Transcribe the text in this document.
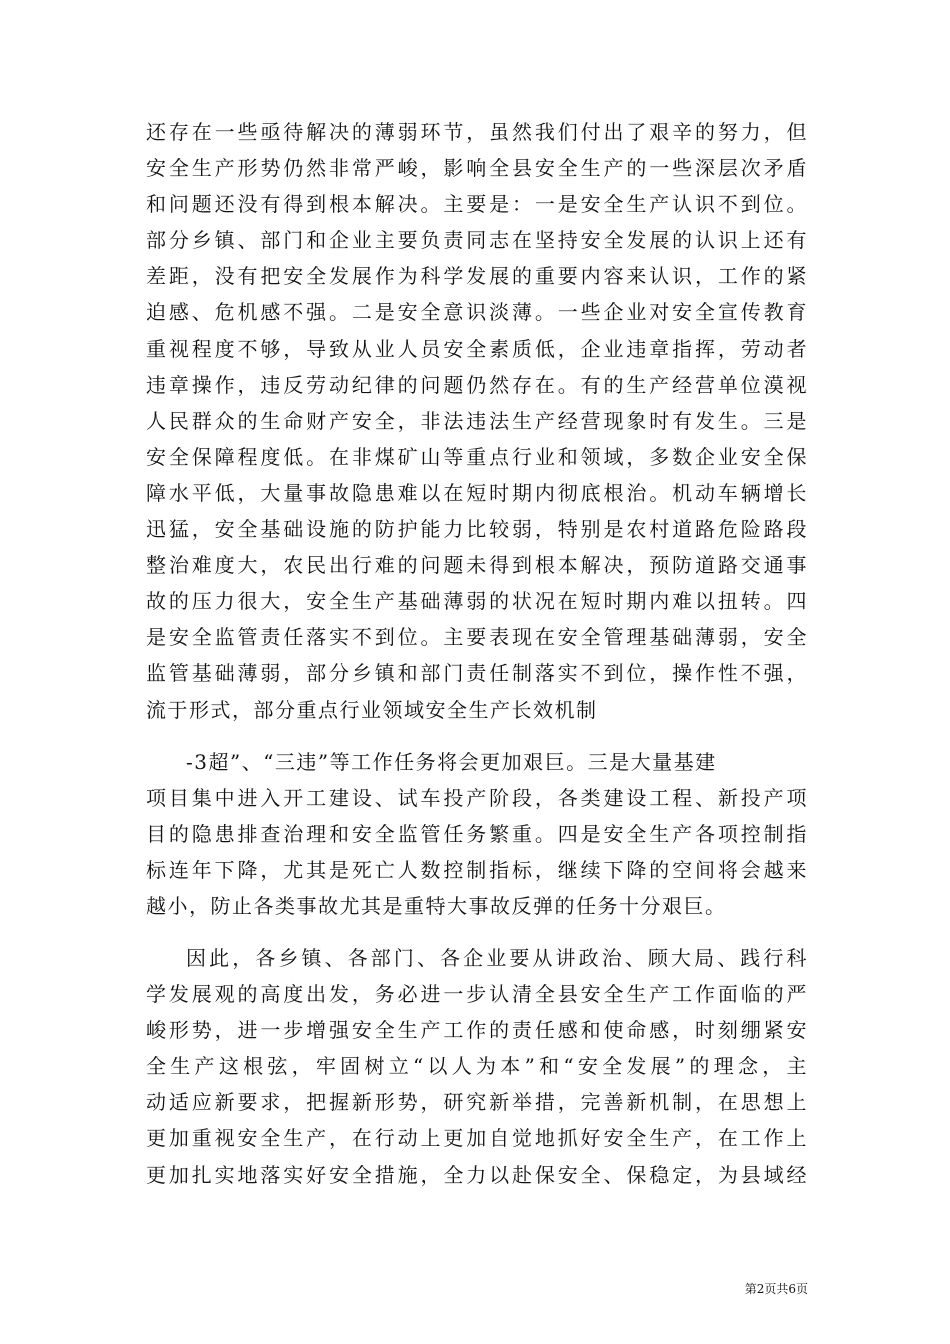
还存在一些亟待解决的薄弱环节，虽然我们付出了艰辛的努力，但
安全生产形势仍然非常严峻，影响全县安全生产的一些深层次矛盾
和问题还没有得到根本解决。主要是：一是安全生产认识不到位。
部分乡镇、部门和企业主要负责同志在坚持安全发展的认识上还有
差距，没有把安全发展作为科学发展的重要内容来认识，工作的紧
迫感、危机感不强。二是安全意识淡薄。一些企业对安全宣传教育
重视程度不够，导致从业人员安全素质低，企业违章指挥，劳动者
违章操作，违反劳动纪律的问题仍然存在。有的生产经营单位漠视
人民群众的生命财产安全，非法违法生产经营现象时有发生。三是
安全保障程度低。在非煤矿山等重点行业和领域，多数企业安全保
障水平低，大量事故隐患难以在短时期内彻底根治。机动车辆增长
迅猛，安全基础设施的防护能力比较弱，特别是农村道路危险路段
整治难度大，农民出行难的问题未得到根本解决，预防道路交通事
故的压力很大，安全生产基础薄弱的状况在短时期内难以扭转。四
是安全监管责任落实不到位。主要表现在安全管理基础薄弱，安全
监管基础薄弱，部分乡镇和部门责任制落实不到位，操作性不强，
流于形式，部分重点行业领域安全生产长效机制
-3超”、“三违”等工作任务将会更加艰巨。三是大量基建
项目集中进入开工建设、试车投产阶段，各类建设工程、新投产项
目的隐患排查治理和安全监管任务繁重。四是安全生产各项控制指
标连年下降，尤其是死亡人数控制指标，继续下降的空间将会越来
越小，防止各类事故尤其是重特大事故反弹的任务十分艰巨。
因此，各乡镇、各部门、各企业要从讲政治、顾大局、践行科
学发展观的高度出发，务必进一步认清全县安全生产工作面临的严
峻形势，进一步增强安全生产工作的责任感和使命感，时刻绷紧安
全生产这根弦，牢固树立“以人为本”和“安全发展”的理念，主
动适应新要求，把握新形势，研究新举措，完善新机制，在思想上
更加重视安全生产，在行动上更加自觉地抓好安全生产，在工作上
更加扎实地落实好安全措施，全力以赴保安全、保稳定，为县域经
第2页共6页
